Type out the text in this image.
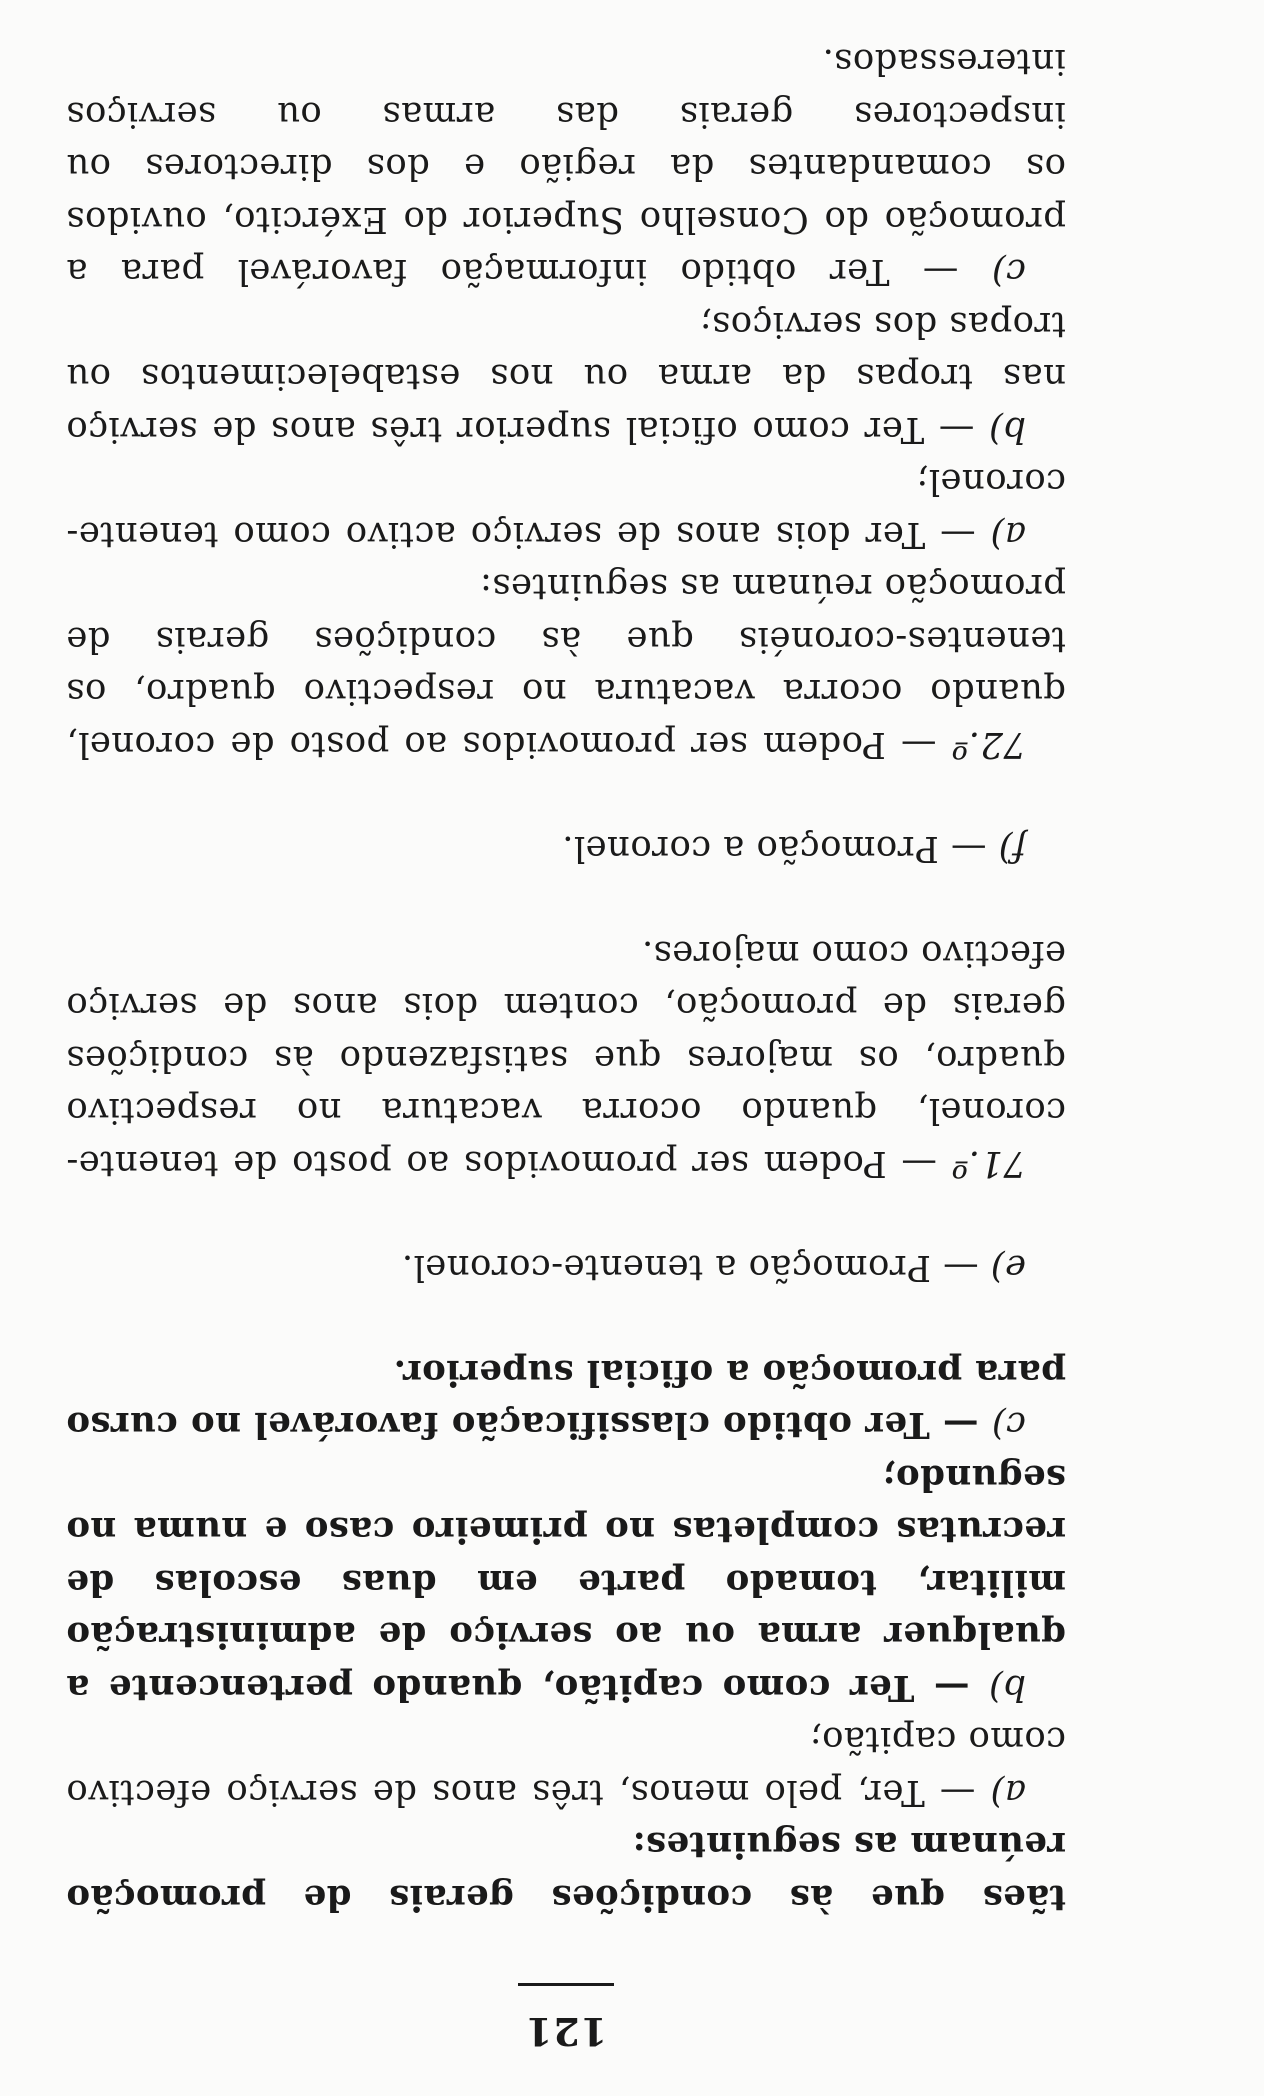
121

tães que às condições gerais de promoção reúnam as seguintes:

a) — Ter, pelo menos, três anos de serviço efectivo como capitão;

b) — Ter como capitão, quando pertencente a qualquer arma ou ao serviço de administração militar, tomado parte em duas escolas de recrutas completas no primeiro caso e numa no segundo;

c) — Ter obtido classificação favorável no curso para promoção a oficial superior.

e) — Promoção a tenente-coronel.

71.º — Podem ser promovidos ao posto de tenente-coronel, quando ocorra vacatura no respectivo quadro, os majores que satisfazendo às condições gerais de promoção, contem dois anos de serviço efectivo como majores.

f) — Promoção a coronel.

72.º — Podem ser promovidos ao posto de coronel, quando ocorra vacatura no respectivo quadro, os tenentes-coronéis que às condições gerais de promoção reúnam as seguintes:

a) — Ter dois anos de serviço activo como tenente-coronel;

b) — Ter como oficial superior três anos de serviço nas tropas da arma ou nos estabelecimentos ou tropas dos serviços;

c) — Ter obtido informação favorável para a promoção do Conselho Superior do Exército, ouvidos os comandantes da região e dos directores ou inspectores gerais das armas ou serviços interessados.
